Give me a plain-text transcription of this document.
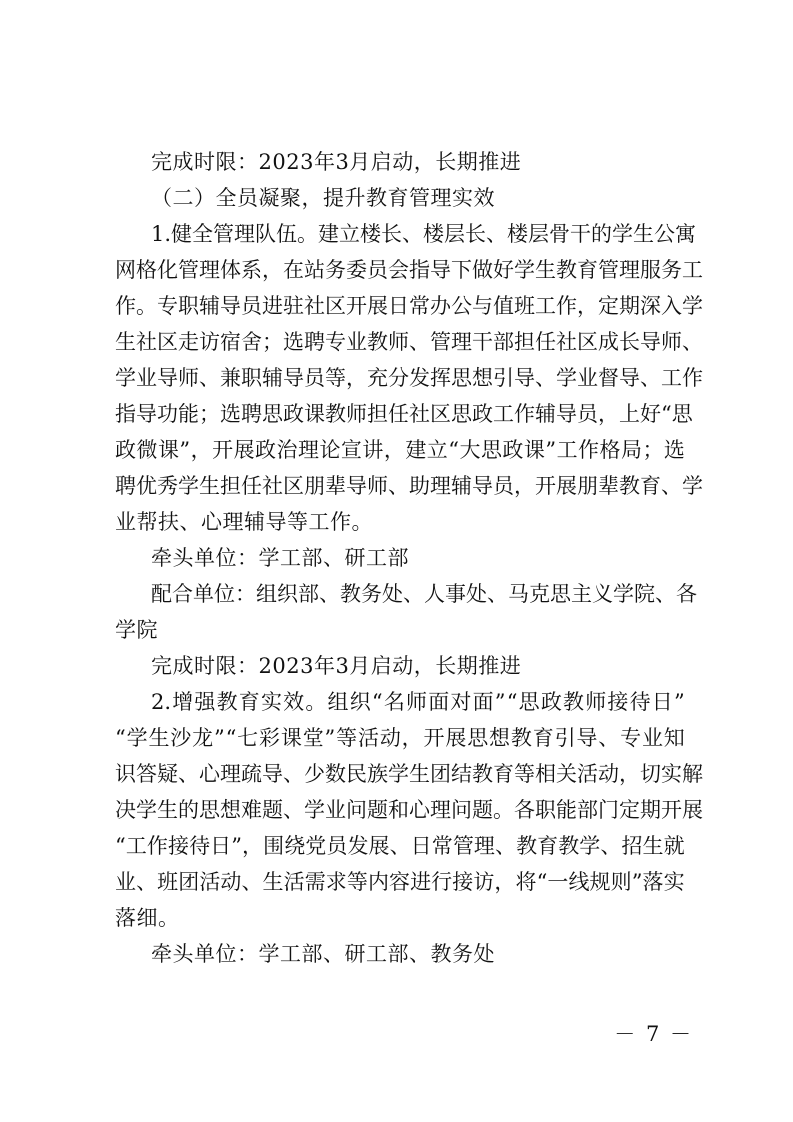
完成时限：2023年3月启动，长期推进
（二）全员凝聚，提升教育管理实效
1. 健 全 管 理 队 伍 。 建 立 楼 长 、 楼 层 长 、 楼 层 骨 干 的 学 生 公 寓
网 格 化 管 理 体 系 ， 在 站 务 委 员 会 指 导 下 做 好 学 生 教 育 管 理 服 务 工
作 。 专 职 辅 导 员 进 驻 社 区 开 展 日 常 办 公 与 值 班 工 作 ， 定 期 深 入 学
生 社 区 走 访 宿 舍 ； 选 聘 专 业 教 师 、 管 理 干 部 担 任 社 区 成 长 导 师 、
学 业 导 师 、 兼 职 辅 导 员 等 ， 充 分 发 挥 思 想 引 导 、 学 业 督 导 、 工 作
指 导 功 能 ； 选 聘 思 政 课 教 师 担 任 社 区 思 政 工 作 辅 导 员 ， 上 好 “ 思
政 微 课 ” ， 开 展 政 治 理 论 宣 讲 ， 建 立 “ 大 思 政 课 ” 工 作 格 局 ； 选
聘 优 秀 学 生 担 任 社 区 朋 辈 导 师 、 助 理 辅 导 员 ， 开 展 朋 辈 教 育 、 学
业帮扶、心理辅导等工作。
牵头单位：学工部、研工部
配 合 单 位 ： 组 织 部 、 教 务 处 、 人 事 处 、 马 克 思 主 义 学 院 、 各
学院
完成时限：2023年3月启动，长期推进
2. 增 强 教 育 实 效 。 组 织 “ 名 师 面 对 面 ” “ 思 政 教 师 接 待 日 ”
“ 学 生 沙 龙 ” “ 七 彩 课 堂 ” 等 活 动 ， 开 展 思 想 教 育 引 导 、 专 业 知
识 答 疑 、 心 理 疏 导 、 少 数 民 族 学 生 团 结 教 育 等 相 关 活 动 ， 切 实 解
决 学 生 的 思 想 难 题 、 学 业 问 题 和 心 理 问 题 。 各 职 能 部 门 定 期 开 展
“ 工 作 接 待 日 ” ， 围 绕 党 员 发 展 、 日 常 管 理 、 教 育 教 学 、 招 生 就
业 、 班 团 活 动 、 生 活 需 求 等 内 容 进 行 接 访 ， 将 “ 一 线 规 则 ” 落 实
落细。
牵头单位：学工部、研工部、教务处
－ 7 －
